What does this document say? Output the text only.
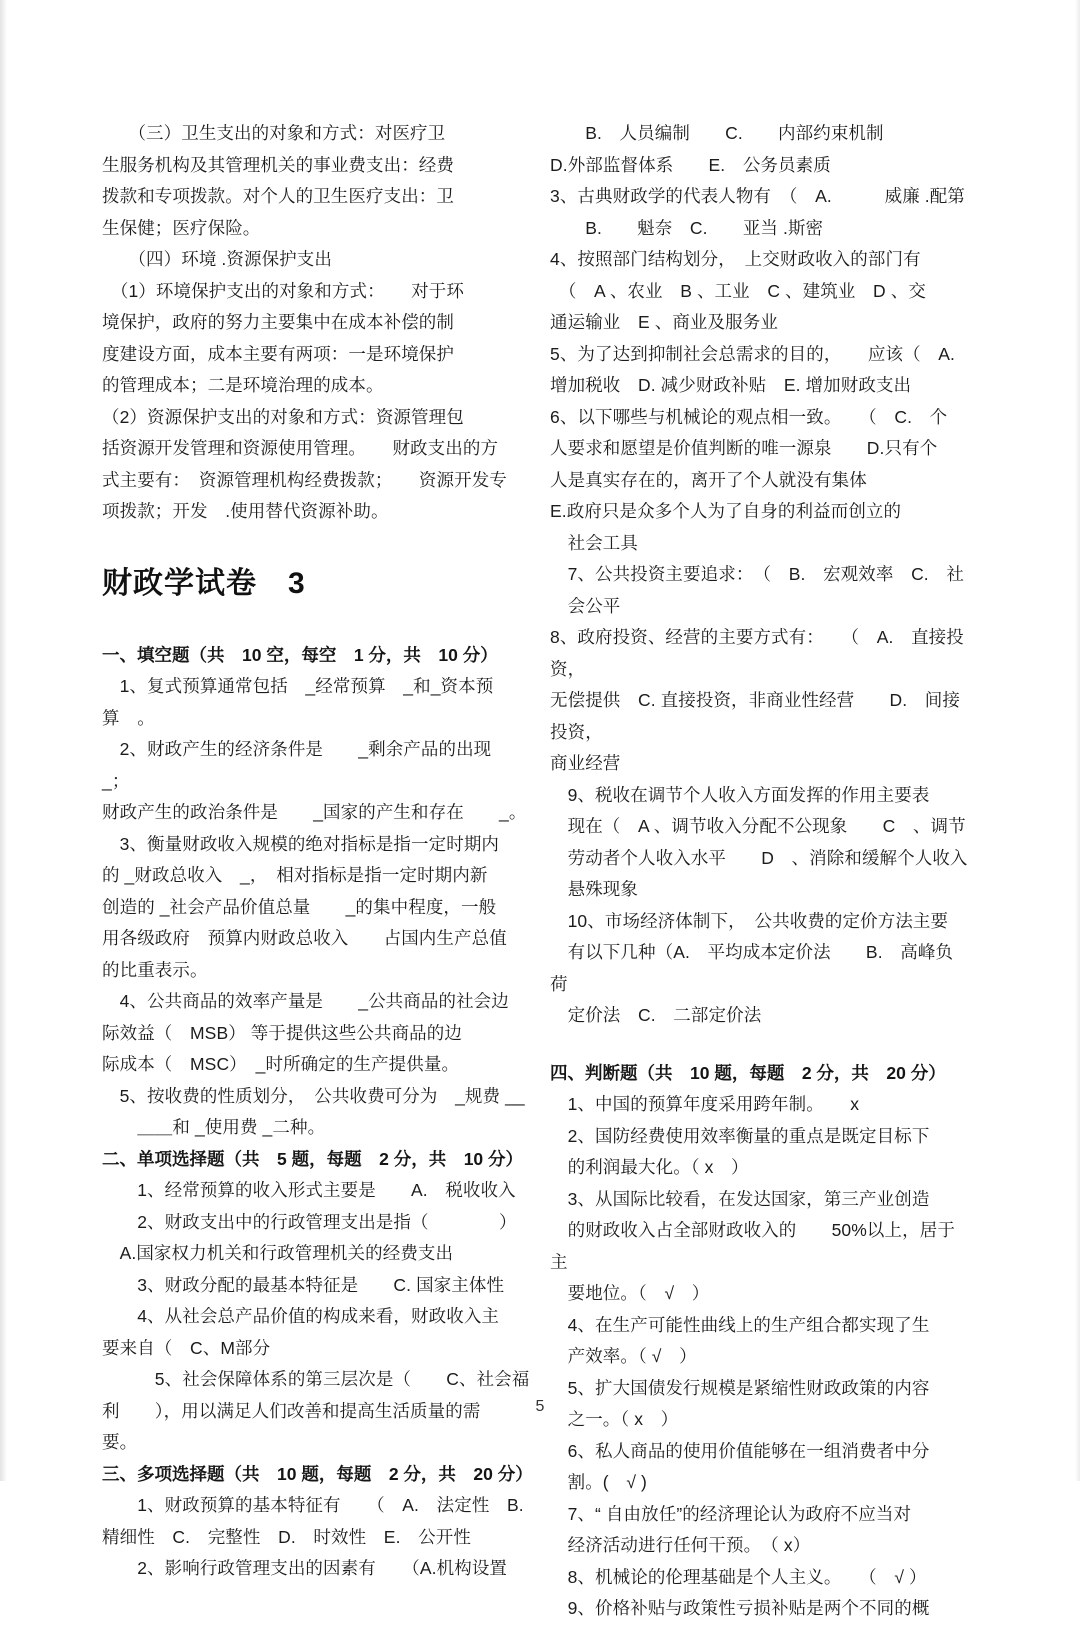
　　（三）卫生支出的对象和方式：对医疗卫
生服务机构及其管理机关的事业费支出：经费
拨款和专项拨款。对个人的卫生医疗支出：卫
生保健；医疗保险。
　　（四）环境 .资源保护支出
　（1）环境保护支出的对象和方式：　　对于环
境保护，政府的努力主要集中在成本补偿的制
度建设方面，成本主要有两项：一是环境保护
的管理成本；二是环境治理的成本。
（2）资源保护支出的对象和方式：资源管理包
括资源开发管理和资源使用管理。　　财政支出的方
式主要有：　资源管理机构经费拨款；　　资源开发专
项拨款；开发　.使用替代资源补助。
财政学试卷　3
一、填空题（共　10 空，每空　1 分，共　10 分）
　1、复式预算通常包括　_经常预算　_和_资本预算　。
　2、财政产生的经济条件是　　_剩余产品的出现　　_；
财政产生的政治条件是　　_国家的产生和存在　　_。
　3、衡量财政收入规模的绝对指标是指一定时期内
的 _财政总收入　_，　相对指标是指一定时期内新
创造的 _社会产品价值总量　　_的集中程度，一般
用各级政府　预算内财政总收入　　占国内生产总值
的比重表示。
　4、公共商品的效率产量是　　_公共商品的社会边
际效益（　MSB） 等于提供这些公共商品的边
际成本（　MSC）　_时所确定的生产提供量。
　5、按收费的性质划分，　公共收费可分为　_规费 __
　　＿＿和 _使用费 _二种。
二、单项选择题（共　5 题，每题　2 分，共　10 分）
　　1、经常预算的收入形式主要是　　A.　税收收入
　　2、财政支出中的行政管理支出是指（　　　　）
　A.国家权力机关和行政管理机关的经费支出
　　3、财政分配的最基本特征是　　C. 国家主体性
　　4、从社会总产品价值的构成来看，财政收入主
要来自（　C、M部分
　　　5、社会保障体系的第三层次是（　　C、社会福
利　　），用以满足人们改善和提高生活质量的需
要。
三、多项选择题（共　10 题，每题　2 分，共　20 分）
　　1、财政预算的基本特征有　　（　A.　法定性　B.
精细性　C.　完整性　D.　时效性　E.　公开性
　　2、影响行政管理支出的因素有　　（A.机构设置
　　B.　人员编制　　C.　　内部约束机制
D.外部监督体系　　E.　公务员素质
3、古典财政学的代表人物有　（　A.　　　威廉 .配第
　　B.　　魁奈　C.　　亚当 .斯密
4、按照部门结构划分，　上交财政收入的部门有
　（　A 、农业　B 、工业　C 、建筑业　D 、交
通运输业　E 、商业及服务业
5、为了达到抑制社会总需求的目的，　　应该（　A.
增加税收　D. 减少财政补贴　E. 增加财政支出
6、以下哪些与机械论的观点相一致。　　（　C.　个
人要求和愿望是价值判断的唯一源泉　　D.只有个
人是真实存在的，离开了个人就没有集体
E.政府只是众多个人为了自身的利益而创立的
　社会工具
　7、公共投资主要追求：　（　B.　宏观效率　C.　社
　会公平
8、政府投资、经营的主要方式有：　　（　A.　直接投资，
无偿提供　C. 直接投资，非商业性经营　　D.　间接投资，
商业经营
　9、税收在调节个人收入方面发挥的作用主要表
　现在（　A 、调节收入分配不公现象　　C　、调节
　劳动者个人收入水平　　D　、消除和缓解个人收入
　悬殊现象
　10、市场经济体制下，　公共收费的定价方法主要
　有以下几种（A.　平均成本定价法　　B.　高峰负荷
　定价法　C.　二部定价法
四、判断题（共　10 题，每题　2 分，共　20 分）
　1、中国的预算年度采用跨年制。　　x
　2、国防经费使用效率衡量的重点是既定目标下
　的利润最大化。（ x　）
　3、从国际比较看，在发达国家，第三产业创造
　的财政收入占全部财政收入的　　50%以上，居于主
　要地位。（　√　）
　4、在生产可能性曲线上的生产组合都实现了生
　产效率。（ √　）
　5、扩大国债发行规模是紧缩性财政政策的内容
　之一。（ x　）
　6、私人商品的使用价值能够在一组消费者中分
　割。(　√ )
　7、“ 自由放任”的经济理论认为政府不应当对
　经济活动进行任何干预。　（ x）
　8、机械论的伦理基础是个人主义。　　（　√ ）
　9、价格补贴与政策性亏损补贴是两个不同的概
5
